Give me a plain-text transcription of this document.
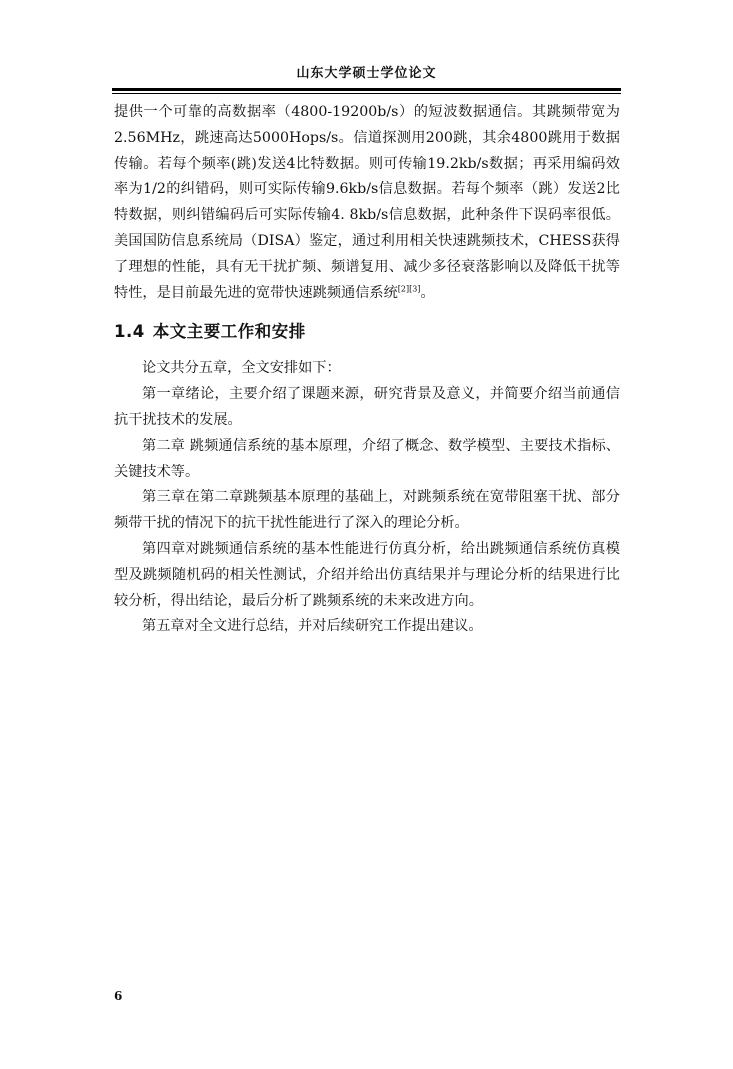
山东大学硕士学位论文

提供一个可靠的高数据率（4800-19200b/s）的短波数据通信。其跳频带宽为2.56MHz，跳速高达5000Hops/s。信道探测用200跳，其余4800跳用于数据传输。若每个频率(跳)发送4比特数据。则可传输19.2kb/s数据；再采用编码效率为1/2的纠错码，则可实际传输9.6kb/s信息数据。若每个频率（跳）发送2比特数据，则纠错编码后可实际传输4. 8kb/s信息数据，此种条件下误码率很低。美国国防信息系统局（DISA）鉴定，通过利用相关快速跳频技术，CHESS获得了理想的性能，具有无干扰扩频、频谱复用、减少多径衰落影响以及降低干扰等特性，是目前最先进的宽带快速跳频通信系统[2][3]。

1.4 本文主要工作和安排

论文共分五章，全文安排如下：

第一章绪论，主要介绍了课题来源，研究背景及意义，并简要介绍当前通信抗干扰技术的发展。

第二章 跳频通信系统的基本原理，介绍了概念、数学模型、主要技术指标、关键技术等。

第三章在第二章跳频基本原理的基础上，对跳频系统在宽带阻塞干扰、部分频带干扰的情况下的抗干扰性能进行了深入的理论分析。

第四章对跳频通信系统的基本性能进行仿真分析，给出跳频通信系统仿真模型及跳频随机码的相关性测试，介绍并给出仿真结果并与理论分析的结果进行比较分析，得出结论，最后分析了跳频系统的未来改进方向。

第五章对全文进行总结，并对后续研究工作提出建议。

6
